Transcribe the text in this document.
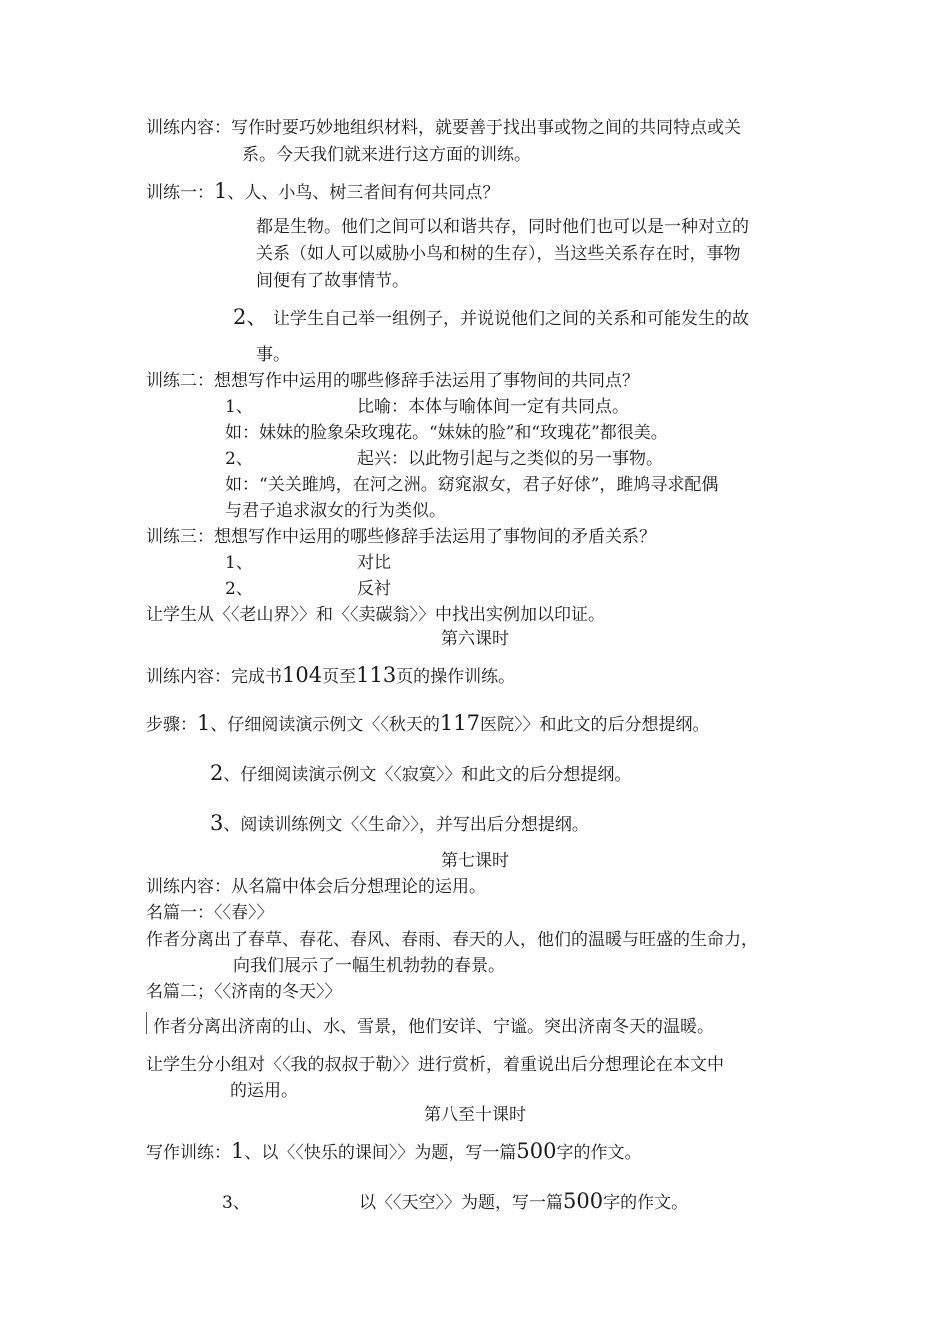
训练内容：写作时要巧妙地组织材料，就要善于找出事或物之间的共同特点或关
系。今天我们就来进行这方面的训练。
训练一：1、人、小鸟、树三者间有何共同点？
都是生物。他们之间可以和谐共存，同时他们也可以是一种对立的
关系（如人可以威胁小鸟和树的生存），当这些关系存在时，事物
间便有了故事情节。
2、 让学生自己举一组例子，并说说他们之间的关系和可能发生的故
事。
训练二：想想写作中运用的哪些修辞手法运用了事物间的共同点？
1、	比喻：本体与喻体间一定有共同点。
如：妹妹的脸象朵玫瑰花。“妹妹的脸”和“玫瑰花”都很美。
2、	起兴：以此物引起与之类似的另一事物。
如：“关关雎鸠，在河之洲。窈窕淑女，君子好俅”，雎鸠寻求配偶
与君子追求淑女的行为类似。
训练三：想想写作中运用的哪些修辞手法运用了事物间的矛盾关系？
1、	对比
2、	反衬
让学生从〈〈老山界〉〉和〈〈卖碳翁〉〉中找出实例加以印证。
第六课时
训练内容：完成书104页至113页的操作训练。
步骤：1、仔细阅读演示例文〈〈秋天的117医院〉〉和此文的后分想提纲。
2、仔细阅读演示例文〈〈寂寞〉〉和此文的后分想提纲。
3、阅读训练例文〈〈生命〉〉，并写出后分想提纲。
第七课时
训练内容：从名篇中体会后分想理论的运用。
名篇一：〈〈春〉〉
作者分离出了春草、春花、春风、春雨、春天的人，他们的温暖与旺盛的生命力，
向我们展示了一幅生机勃勃的春景。
名篇二；〈〈济南的冬天〉〉
作者分离出济南的山、水、雪景，他们安详、宁谧。突出济南冬天的温暖。
让学生分小组对〈〈我的叔叔于勒〉〉进行赏析，着重说出后分想理论在本文中
的运用。
第八至十课时
写作训练：1、以〈〈快乐的课间〉〉为题，写一篇500字的作文。
3、	以〈〈天空〉〉为题，写一篇500字的作文。
